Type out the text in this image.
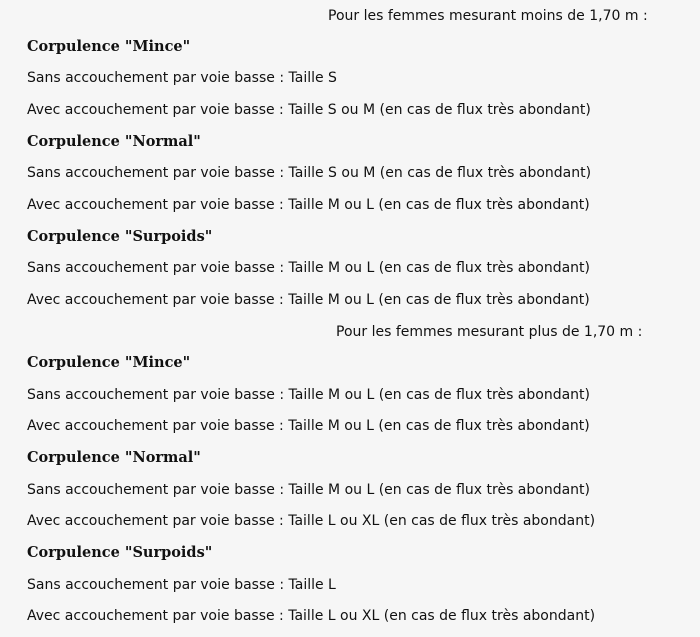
Pour les femmes mesurant moins de 1,70 m :
Corpulence "Mince"
Sans accouchement par voie basse : Taille S
Avec accouchement par voie basse : Taille S ou M (en cas de flux très abondant)
Corpulence "Normal"
Sans accouchement par voie basse : Taille S ou M (en cas de flux très abondant)
Avec accouchement par voie basse : Taille M ou L (en cas de flux très abondant)
Corpulence "Surpoids"
Sans accouchement par voie basse : Taille M ou L (en cas de flux très abondant)
Avec accouchement par voie basse : Taille M ou L (en cas de flux très abondant)
Pour les femmes mesurant plus de 1,70 m :
Corpulence "Mince"
Sans accouchement par voie basse : Taille M ou L (en cas de flux très abondant)
Avec accouchement par voie basse : Taille M ou L (en cas de flux très abondant)
Corpulence "Normal"
Sans accouchement par voie basse : Taille M ou L (en cas de flux très abondant)
Avec accouchement par voie basse : Taille L ou XL (en cas de flux très abondant)
Corpulence "Surpoids"
Sans accouchement par voie basse : Taille L
Avec accouchement par voie basse : Taille L ou XL (en cas de flux très abondant)
